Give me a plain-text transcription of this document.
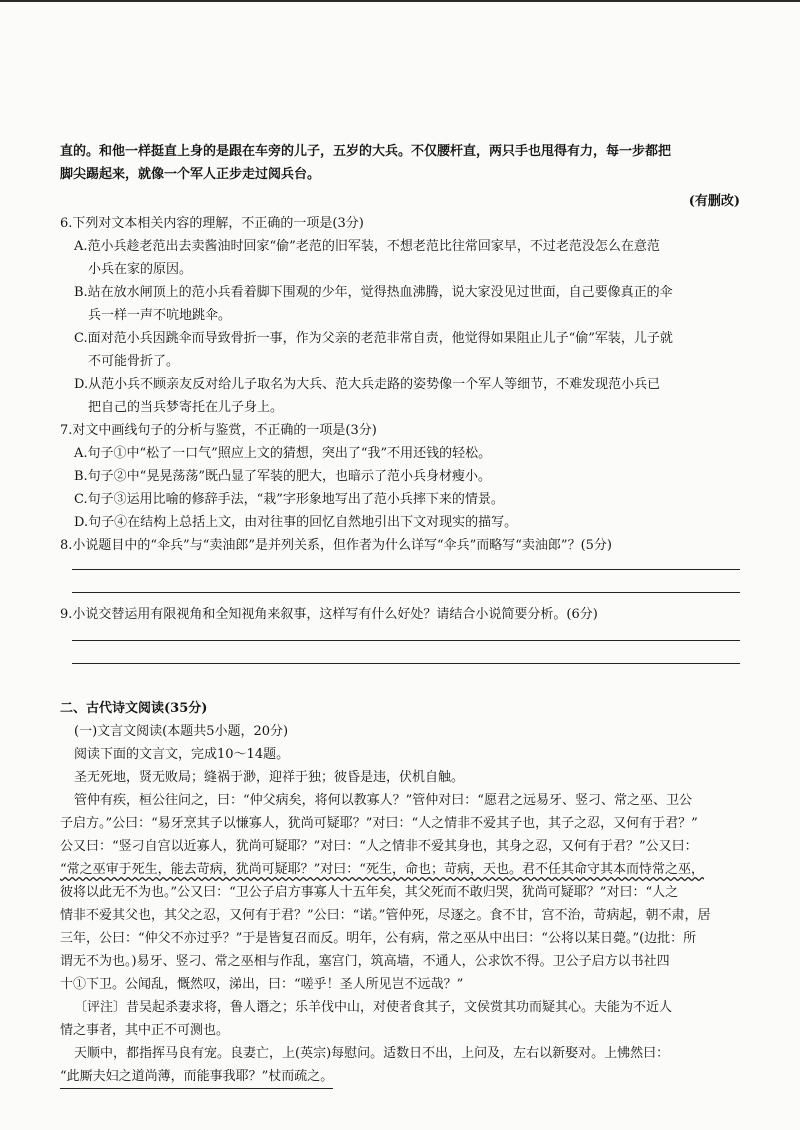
直的。和他一样挺直上身的是跟在车旁的儿子，五岁的大兵。不仅腰杆直，两只手也甩得有力，每一步都把
脚尖踢起来，就像一个军人正步走过阅兵台。
(有删改)
6.下列对文本相关内容的理解，不正确的一项是(3分)
A.范小兵趁老范出去卖酱油时回家“偷”老范的旧军装，不想老范比往常回家早，不过老范没怎么在意范
小兵在家的原因。
B.站在放水闸顶上的范小兵看着脚下围观的少年，觉得热血沸腾，说大家没见过世面，自己要像真正的伞
兵一样一声不吭地跳伞。
C.面对范小兵因跳伞而导致骨折一事，作为父亲的老范非常自责，他觉得如果阻止儿子“偷”军装，儿子就
不可能骨折了。
D.从范小兵不顾亲友反对给儿子取名为大兵、范大兵走路的姿势像一个军人等细节，不难发现范小兵已
把自己的当兵梦寄托在儿子身上。
7.对文中画线句子的分析与鉴赏，不正确的一项是(3分)
A.句子①中“松了一口气”照应上文的猜想，突出了“我”不用还钱的轻松。
B.句子②中“晃晃荡荡”既凸显了军装的肥大，也暗示了范小兵身材瘦小。
C.句子③运用比喻的修辞手法，“栽”字形象地写出了范小兵摔下来的情景。
D.句子④在结构上总括上文，由对往事的回忆自然地引出下文对现实的描写。
8.小说题目中的“伞兵”与“卖油郎”是并列关系，但作者为什么详写“伞兵”而略写“卖油郎”？(5分)
9.小说交替运用有限视角和全知视角来叙事，这样写有什么好处？请结合小说简要分析。(6分)
二、古代诗文阅读(35分)
(一)文言文阅读(本题共5小题，20分)
阅读下面的文言文，完成10～14题。
圣无死地，贤无败局；缝祸于渺，迎祥于独；彼昏是违，伏机自触。
管仲有疾，桓公往问之，曰：“仲父病矣，将何以教寡人？”管仲对曰：“愿君之远易牙、竖刁、常之巫、卫公
子启方。”公曰：“易牙烹其子以慊寡人，犹尚可疑耶？”对曰：“人之情非不爱其子也，其子之忍，又何有于君？”
公又曰：“竖刁自宫以近寡人，犹尚可疑耶？”对曰：“人之情非不爱其身也，其身之忍，又何有于君？”公又曰：
“常之巫审于死生，能去苛病，犹尚可疑耶？”对曰：“死生，命也；苛病，天也。君不任其命守其本而恃常之巫，
彼将以此无不为也。”公又曰：“卫公子启方事寡人十五年矣，其父死而不敢归哭，犹尚可疑耶？”对曰：“人之
情非不爱其父也，其父之忍，又何有于君？”公曰：“诺。”管仲死，尽逐之。食不甘，宫不治，苛病起，朝不肃，居
三年，公曰：“仲父不亦过乎？”于是皆复召而反。明年，公有病，常之巫从中出曰：“公将以某日薨。”(边批：所
谓无不为也。)易牙、竖刁、常之巫相与作乱，塞宫门，筑高墙，不通人，公求饮不得。卫公子启方以书社四
十①下卫。公闻乱，慨然叹，涕出，曰：“嗟乎！圣人所见岂不远哉？”
〔评注〕昔吴起杀妻求将，鲁人谮之；乐羊伐中山，对使者食其子，文侯赏其功而疑其心。夫能为不近人
情之事者，其中正不可测也。
天顺中，都指挥马良有宠。良妻亡，上(英宗)每慰问。适数日不出，上问及，左右以新娶对。上怫然曰：
“此厮夫妇之道尚薄，而能事我耶？”杖而疏之。
